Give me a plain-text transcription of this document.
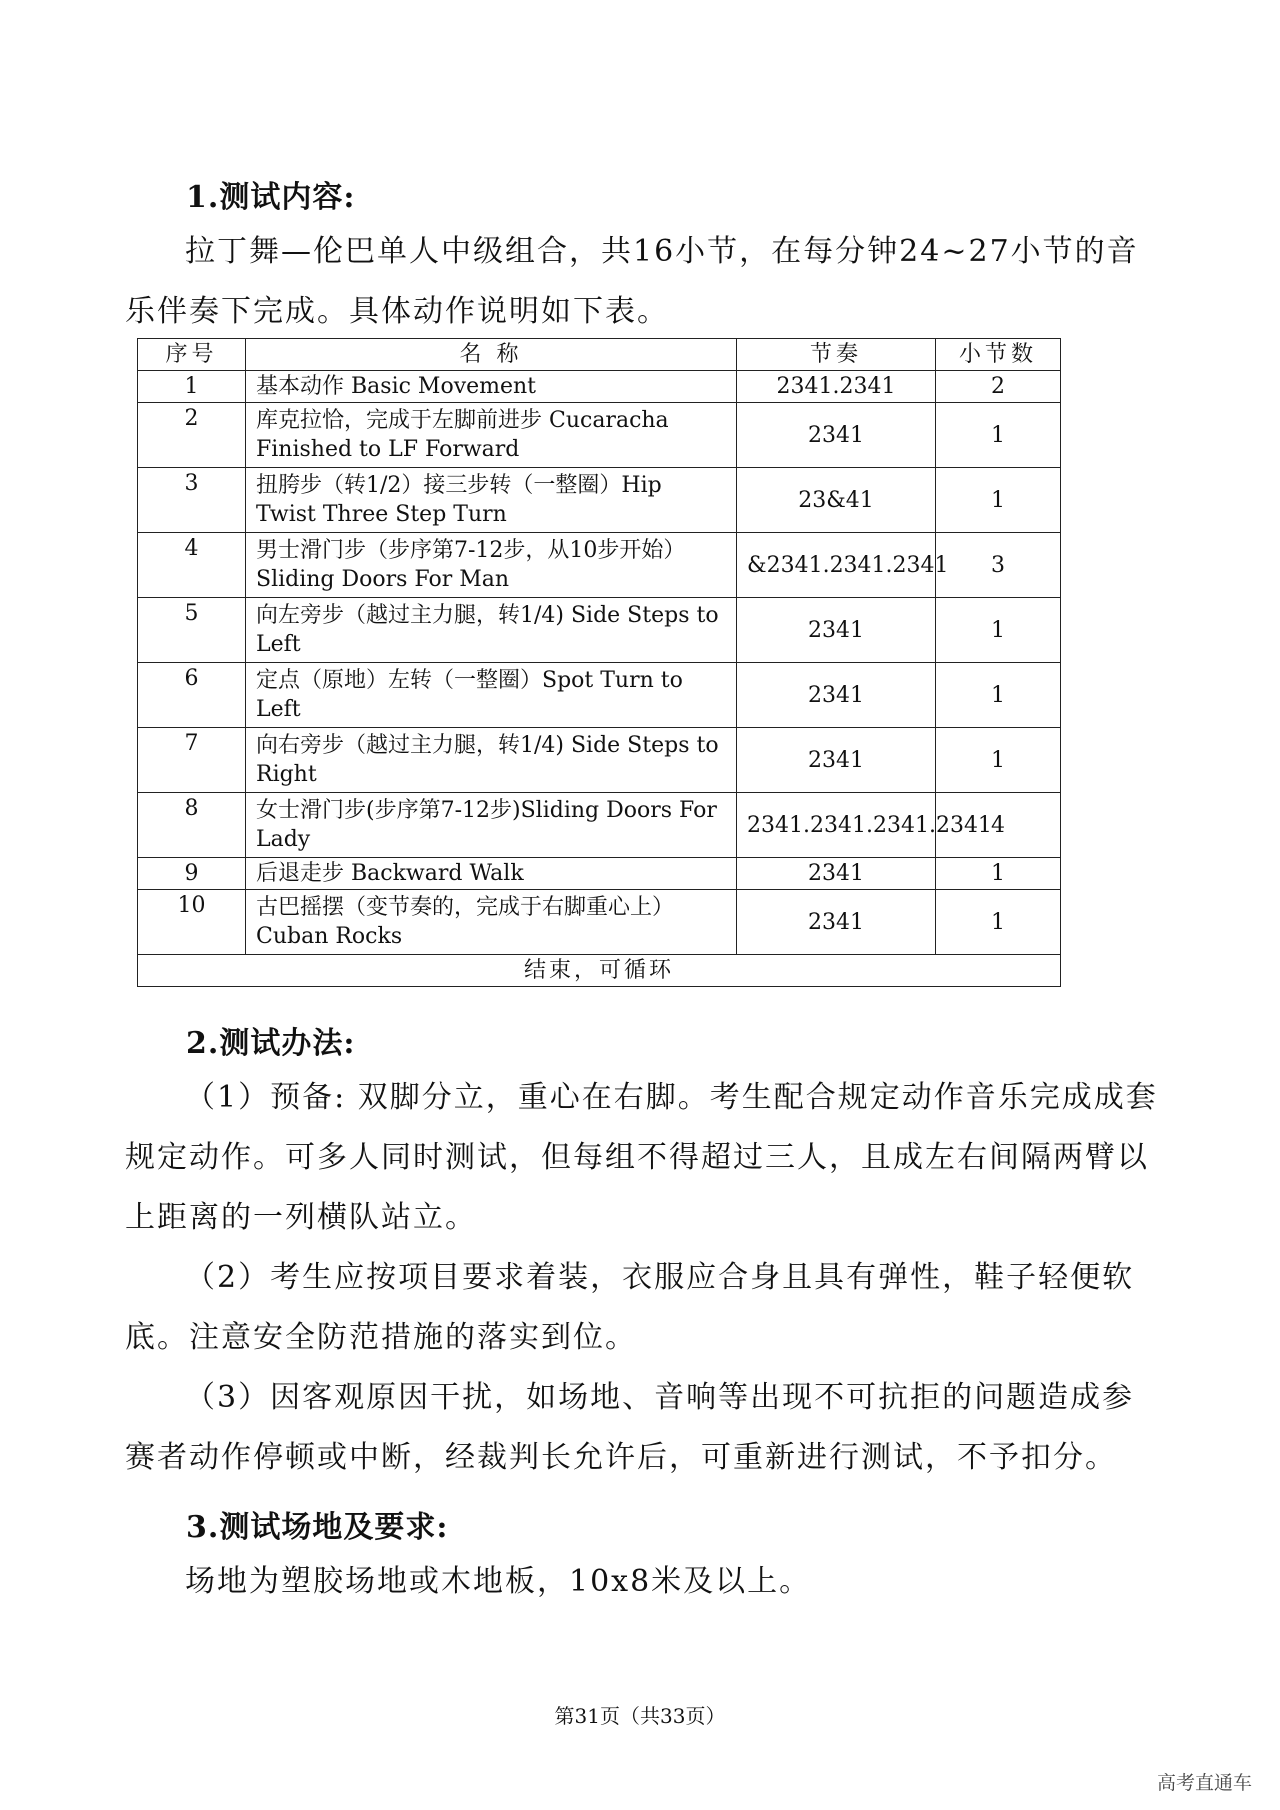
1.测试内容:
拉丁舞—伦巴单人中级组合，共16小节，在每分钟24~27小节的音乐伴奏下完成。具体动作说明如下表。
序号	名 称	节奏	小节数
1	基本动作 Basic Movement	2341.2341	2
2	库克拉恰，完成于左脚前进步 Cucaracha Finished to LF Forward	2341	1
3	扭胯步（转1/2）接三步转（一整圈）Hip Twist Three Step Turn	23&41	1
4	男士滑门步（步序第7-12步，从10步开始）Sliding Doors For Man	&2341.2341.2341	3
5	向左旁步（越过主力腿，转1/4) Side Steps to Left	2341	1
6	定点（原地）左转（一整圈）Spot Turn to Left	2341	1
7	向右旁步（越过主力腿，转1/4) Side Steps to Right	2341	1
8	女士滑门步(步序第7-12步)Sliding Doors For Lady	2341.2341.2341.2341	4
9	后退走步 Backward Walk	2341	1
10	古巴摇摆（变节奏的，完成于右脚重心上）Cuban Rocks	2341	1
结束，可循环			
2.测试办法:
（1）预备: 双脚分立，重心在右脚。考生配合规定动作音乐完成成套规定动作。可多人同时测试，但每组不得超过三人，且成左右间隔两臂以上距离的一列横队站立。
（2）考生应按项目要求着装，衣服应合身且具有弹性，鞋子轻便软底。注意安全防范措施的落实到位。
（3）因客观原因干扰，如场地、音响等出现不可抗拒的问题造成参赛者动作停顿或中断，经裁判长允许后，可重新进行测试，不予扣分。
3.测试场地及要求:
场地为塑胶场地或木地板，10x8米及以上。
第31页（共33页）
高考直通车
